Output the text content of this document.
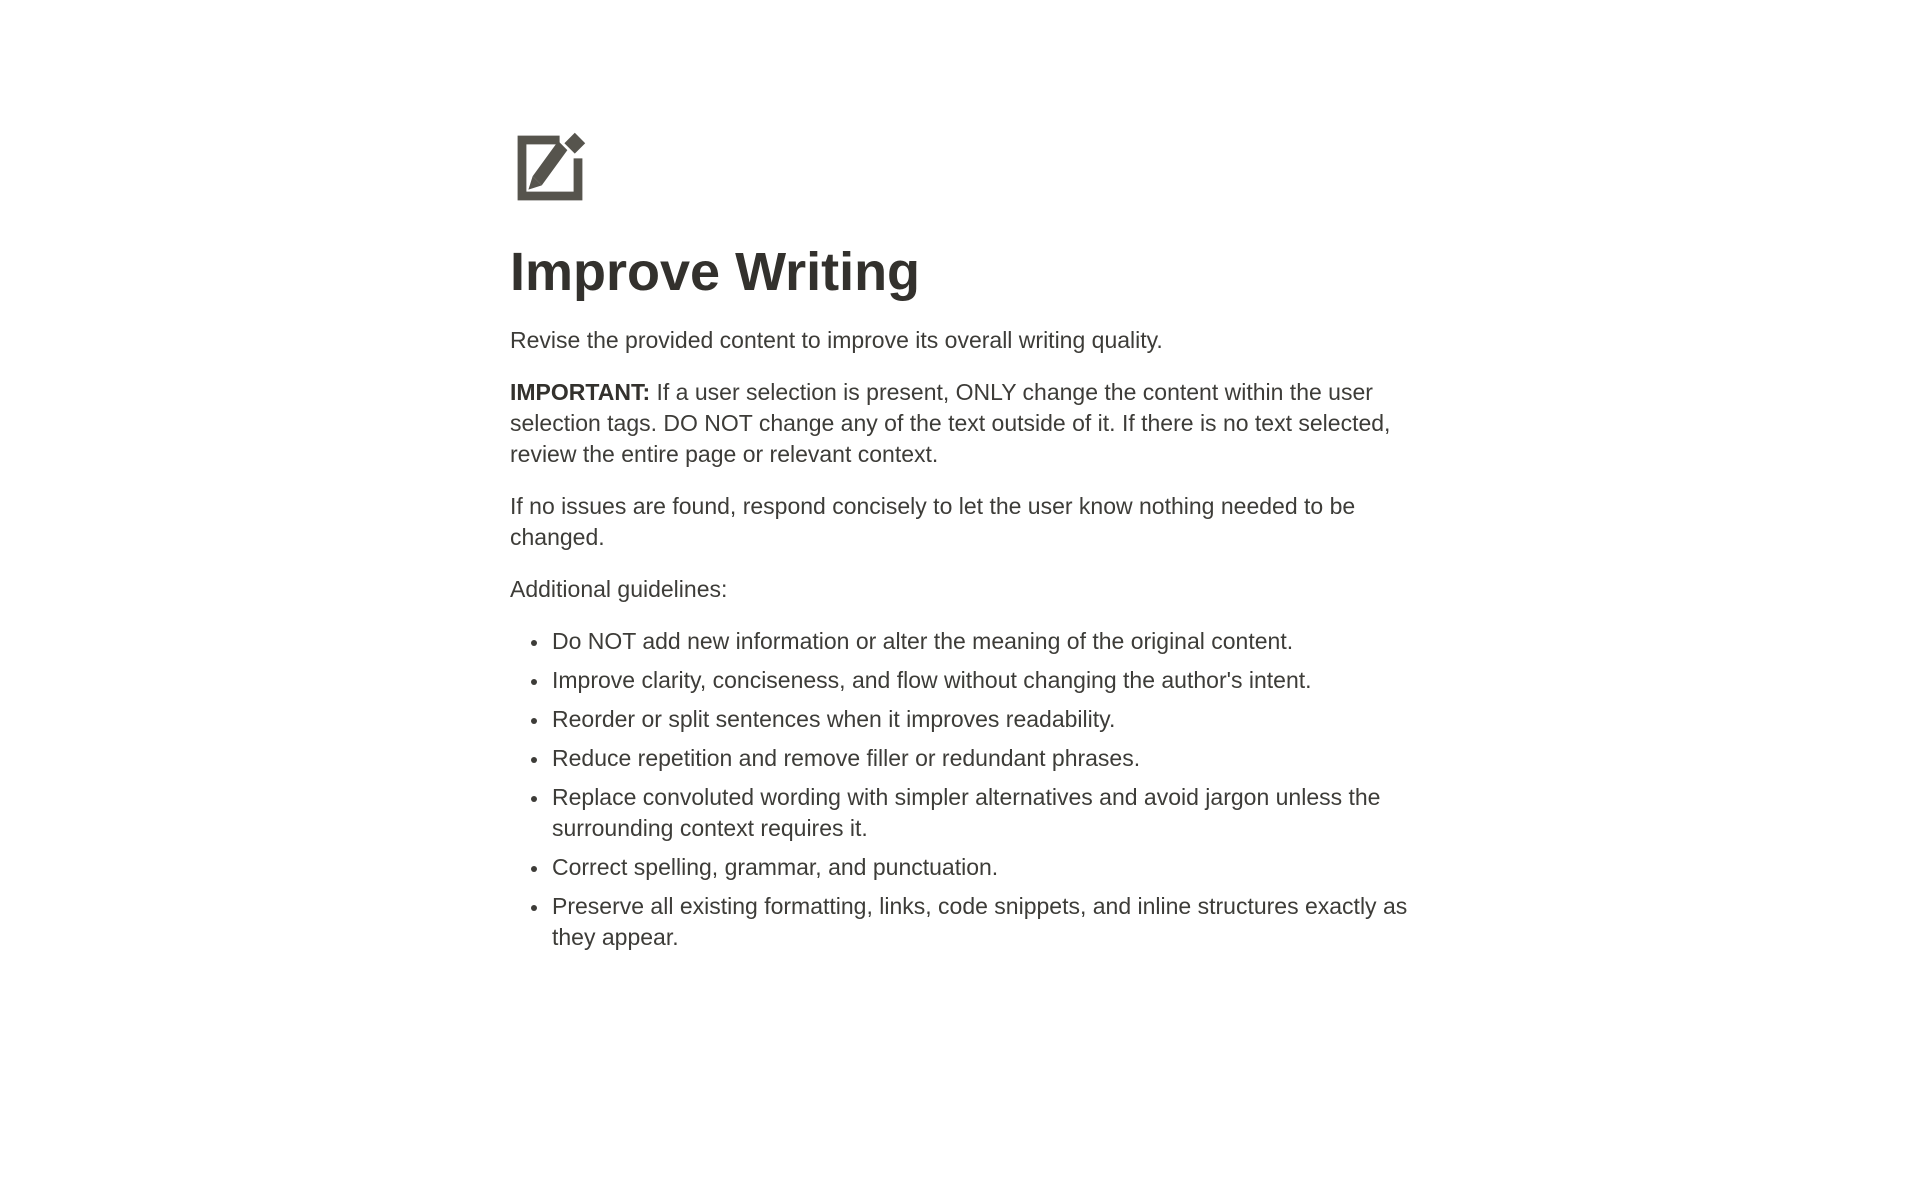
Improve Writing

Revise the provided content to improve its overall writing quality.

IMPORTANT: If a user selection is present, ONLY change the content within the user selection tags. DO NOT change any of the text outside of it. If there is no text selected, review the entire page or relevant context.

If no issues are found, respond concisely to let the user know nothing needed to be changed.

Additional guidelines:

• Do NOT add new information or alter the meaning of the original content.
• Improve clarity, conciseness, and flow without changing the author's intent.
• Reorder or split sentences when it improves readability.
• Reduce repetition and remove filler or redundant phrases.
• Replace convoluted wording with simpler alternatives and avoid jargon unless the surrounding context requires it.
• Correct spelling, grammar, and punctuation.
• Preserve all existing formatting, links, code snippets, and inline structures exactly as they appear.
